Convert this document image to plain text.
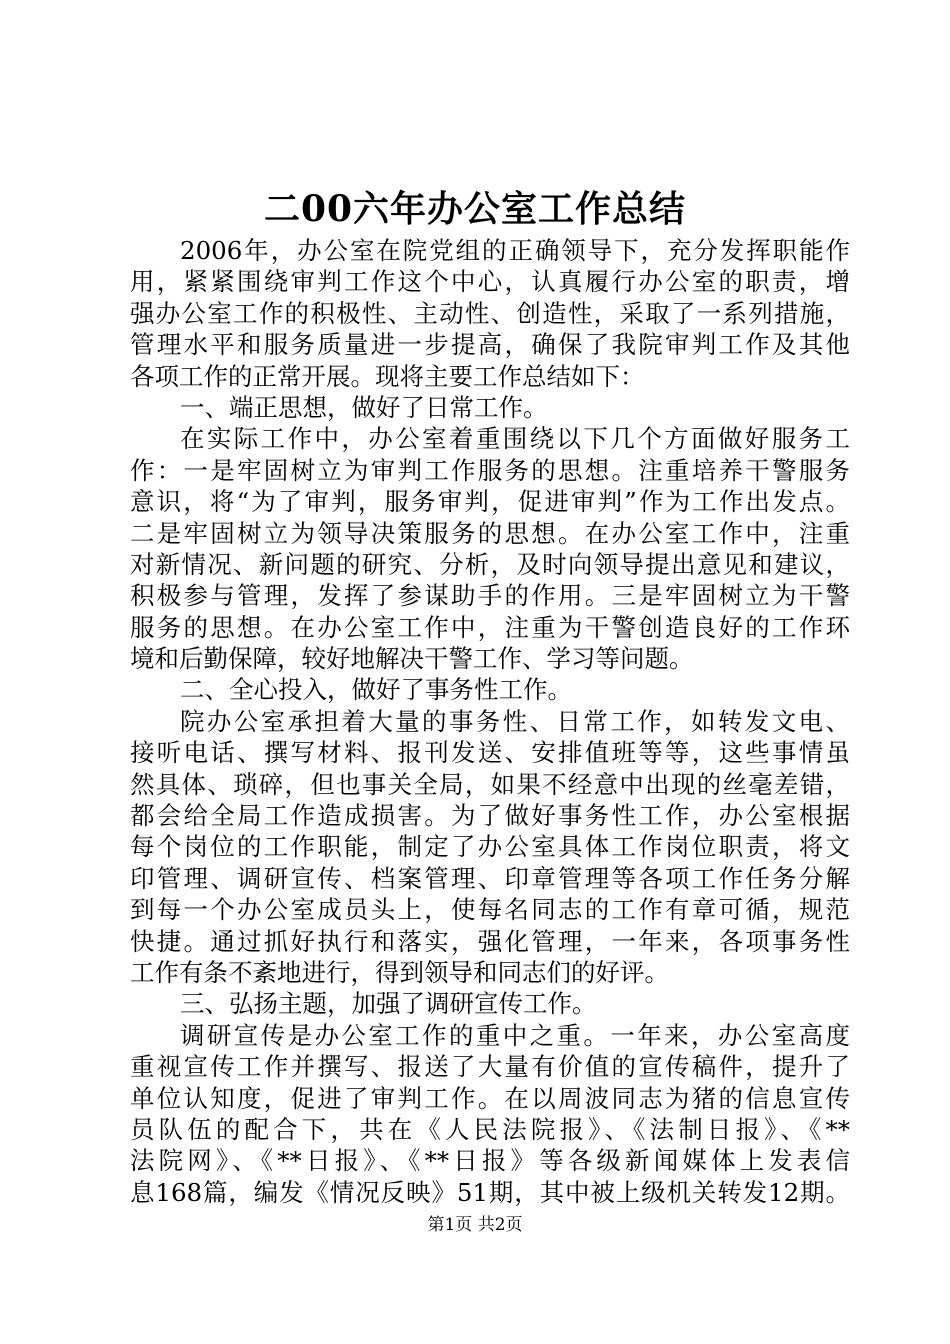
二00六年办公室工作总结
2006年，办公室在院党组的正确领导下，充分发挥职能作
用，紧紧围绕审判工作这个中心，认真履行办公室的职责，增
强办公室工作的积极性、主动性、创造性，采取了一系列措施，
管理水平和服务质量进一步提高，确保了我院审判工作及其他
各项工作的正常开展。现将主要工作总结如下：
一、端正思想，做好了日常工作。
在实际工作中，办公室着重围绕以下几个方面做好服务工
作：一是牢固树立为审判工作服务的思想。注重培养干警服务
意识，将“为了审判，服务审判，促进审判”作为工作出发点。
二是牢固树立为领导决策服务的思想。在办公室工作中，注重
对新情况、新问题的研究、分析，及时向领导提出意见和建议，
积极参与管理，发挥了参谋助手的作用。三是牢固树立为干警
服务的思想。在办公室工作中，注重为干警创造良好的工作环
境和后勤保障，较好地解决干警工作、学习等问题。
二、全心投入，做好了事务性工作。
院办公室承担着大量的事务性、日常工作，如转发文电、
接听电话、撰写材料、报刊发送、安排值班等等，这些事情虽
然具体、琐碎，但也事关全局，如果不经意中出现的丝毫差错，
都会给全局工作造成损害。为了做好事务性工作，办公室根据
每个岗位的工作职能，制定了办公室具体工作岗位职责，将文
印管理、调研宣传、档案管理、印章管理等各项工作任务分解
到每一个办公室成员头上，使每名同志的工作有章可循，规范
快捷。通过抓好执行和落实，强化管理，一年来，各项事务性
工作有条不紊地进行，得到领导和同志们的好评。
三、弘扬主题，加强了调研宣传工作。
调研宣传是办公室工作的重中之重。一年来，办公室高度
重视宣传工作并撰写、报送了大量有价值的宣传稿件，提升了
单位认知度，促进了审判工作。在以周波同志为猪的信息宣传
员队伍的配合下，共在《人民法院报》、《法制日报》、《**
法院网》、《**日报》、《**日报》等各级新闻媒体上发表信
息168篇，编发《情况反映》51期，其中被上级机关转发12期。
第1页 共2页
